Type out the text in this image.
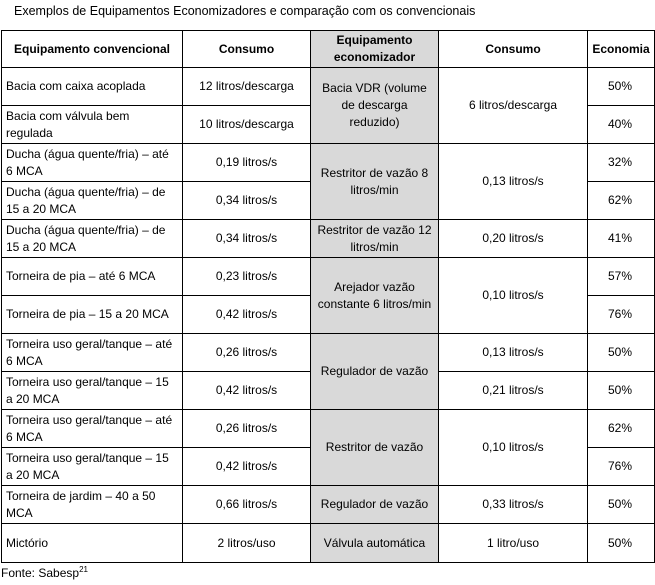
Exemplos de Equipamentos Economizadores e comparação com os convencionais
Equipamento convencional	Consumo	Equipamento economizador	Consumo	Economia
Bacia com caixa acoplada	12 litros/descarga	Bacia VDR (volume de descarga reduzido)	6 litros/descarga	50%
Bacia com válvula bem regulada	10 litros/descarga			40%
Ducha (água quente/fria) – até 6 MCA	0,19 litros/s	Restritor de vazão 8 litros/min	0,13 litros/s	32%
Ducha (água quente/fria) – de 15 a 20 MCA	0,34 litros/s			62%
Ducha (água quente/fria) – de 15 a 20 MCA	0,34 litros/s	Restritor de vazão 12 litros/min	0,20 litros/s	41%
Torneira de pia – até 6 MCA	0,23 litros/s	Arejador vazão constante 6 litros/min	0,10 litros/s	57%
Torneira de pia – 15 a 20 MCA	0,42 litros/s			76%
Torneira uso geral/tanque – até 6 MCA	0,26 litros/s	Regulador de vazão	0,13 litros/s	50%
Torneira uso geral/tanque – 15 a 20 MCA	0,42 litros/s		0,21 litros/s	50%
Torneira uso geral/tanque – até 6 MCA	0,26 litros/s	Restritor de vazão	0,10 litros/s	62%
Torneira uso geral/tanque – 15 a 20 MCA	0,42 litros/s			76%
Torneira de jardim – 40 a 50 MCA	0,66 litros/s	Regulador de vazão	0,33 litros/s	50%
Mictório	2 litros/uso	Válvula automática	1 litro/uso	50%
Fonte: Sabesp$^{21}$
